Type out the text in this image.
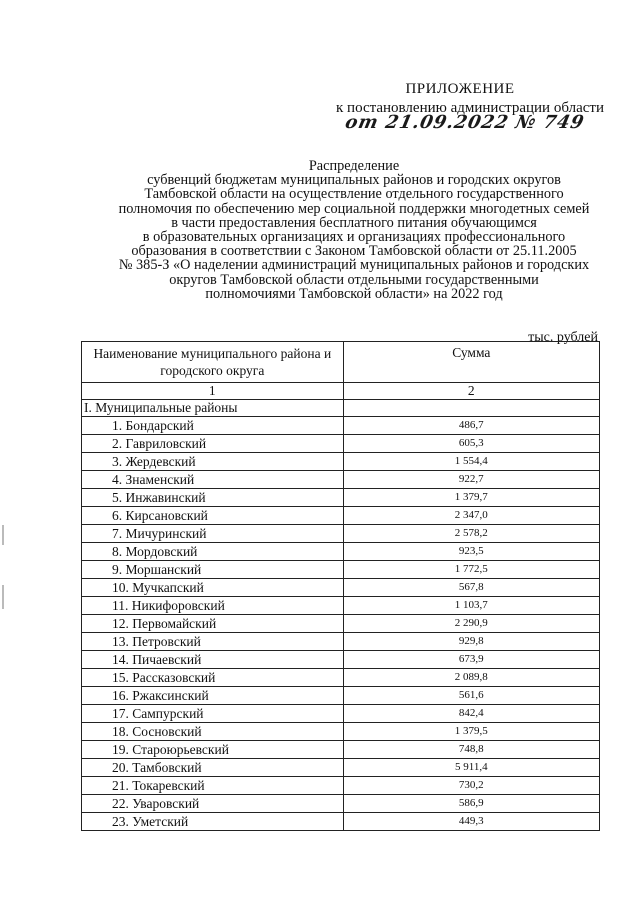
ПРИЛОЖЕНИЕ
к постановлению администрации области
от 21.09.2022 № 749
Распределение
субвенций бюджетам муниципальных районов и городских округов
Тамбовской области на осуществление отдельного государственного
полномочия по обеспечению мер социальной поддержки многодетных семей
в части предоставления бесплатного питания обучающимся
в образовательных организациях и организациях профессионального
образования в соответствии с Законом Тамбовской области от 25.11.2005
№ 385-З «О наделении администраций муниципальных районов и городских
округов Тамбовской области отдельными государственными
полномочиями Тамбовской области» на 2022 год
тыс. рублей
Наименование муниципального района и городского округа	Сумма
1	2
I. Муниципальные районы	
1. Бондарский	486,7
2. Гавриловский	605,3
3. Жердевский	1 554,4
4. Знаменский	922,7
5. Инжавинский	1 379,7
6. Кирсановский	2 347,0
7. Мичуринский	2 578,2
8. Мордовский	923,5
9. Моршанский	1 772,5
10. Мучкапский	567,8
11. Никифоровский	1 103,7
12. Первомайский	2 290,9
13. Петровский	929,8
14. Пичаевский	673,9
15. Рассказовский	2 089,8
16. Ржаксинский	561,6
17. Сампурский	842,4
18. Сосновский	1 379,5
19. Староюрьевский	748,8
20. Тамбовский	5 911,4
21. Токаревский	730,2
22. Уваровский	586,9
23. Уметский	449,3
